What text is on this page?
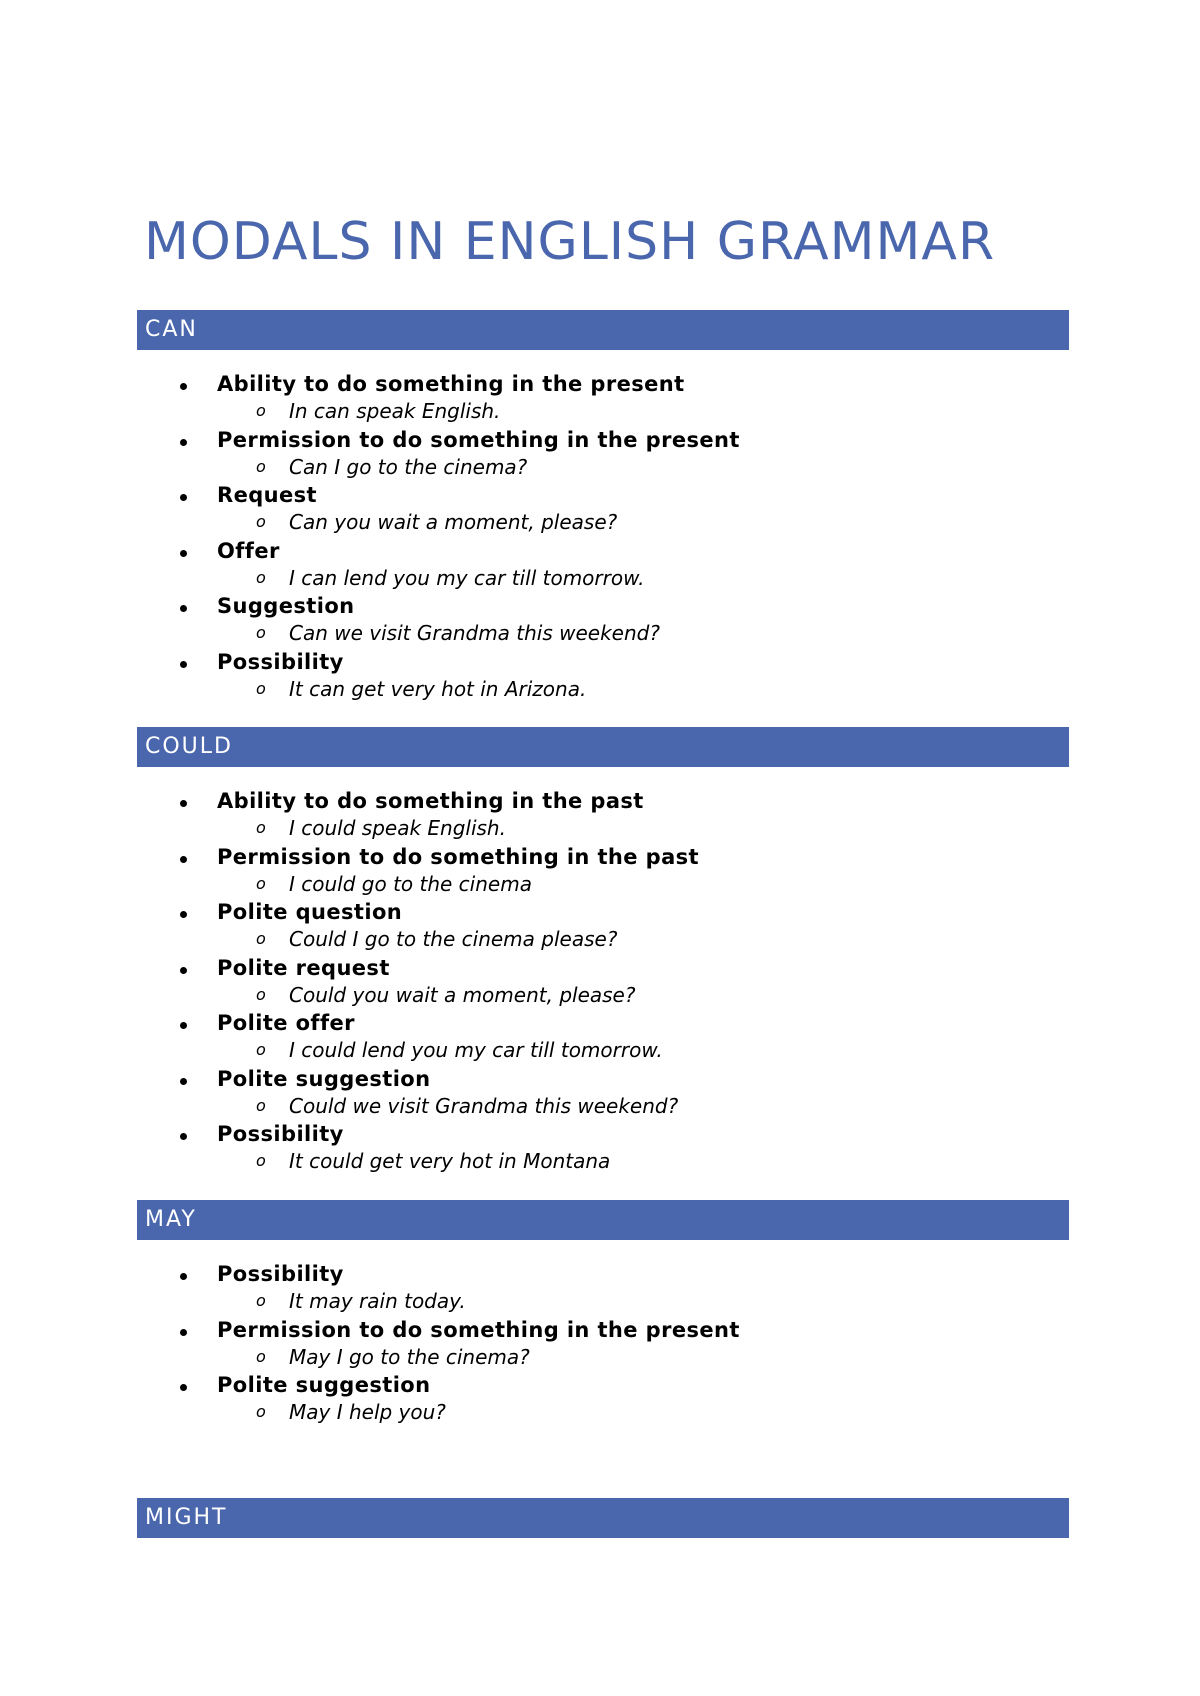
MODALS IN ENGLISH GRAMMAR
CAN
Ability to do something in the present
o In can speak English.
Permission to do something in the present
o Can I go to the cinema?
Request
o Can you wait a moment, please?
Offer
o I can lend you my car till tomorrow.
Suggestion
o Can we visit Grandma this weekend?
Possibility
o It can get very hot in Arizona.
COULD
Ability to do something in the past
o I could speak English.
Permission to do something in the past
o I could go to the cinema
Polite question
o Could I go to the cinema please?
Polite request
o Could you wait a moment, please?
Polite offer
o I could lend you my car till tomorrow.
Polite suggestion
o Could we visit Grandma this weekend?
Possibility
o It could get very hot in Montana
MAY
Possibility
o It may rain today.
Permission to do something in the present
o May I go to the cinema?
Polite suggestion
o May I help you?
MIGHT
